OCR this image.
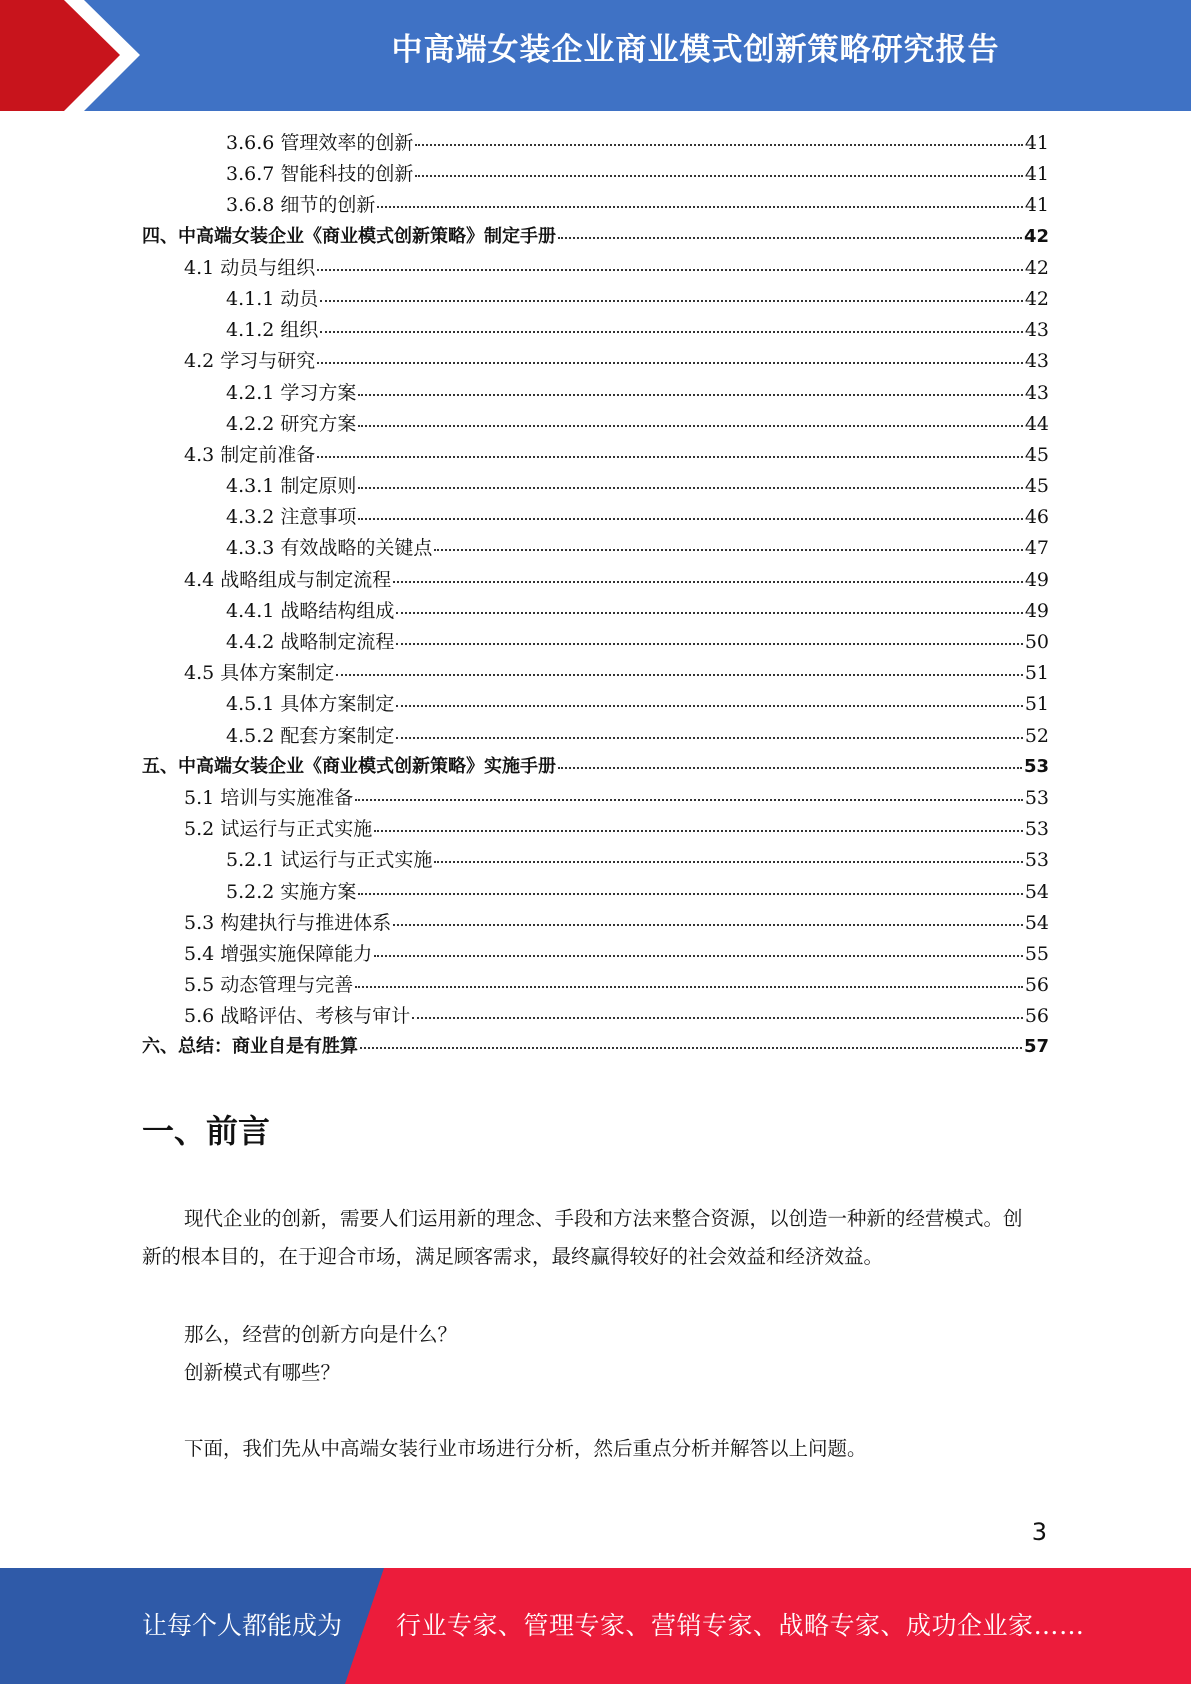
中高端女装企业商业模式创新策略研究报告
3.6.6 管理效率的创新	41
3.6.7 智能科技的创新	41
3.6.8 细节的创新	41
四、中高端女装企业《商业模式创新策略》制定手册	42
4.1 动员与组织	42
4.1.1 动员	42
4.1.2 组织	43
4.2 学习与研究	43
4.2.1 学习方案	43
4.2.2 研究方案	44
4.3 制定前准备	45
4.3.1 制定原则	45
4.3.2 注意事项	46
4.3.3 有效战略的关键点	47
4.4 战略组成与制定流程	49
4.4.1 战略结构组成	49
4.4.2 战略制定流程	50
4.5 具体方案制定	51
4.5.1 具体方案制定	51
4.5.2 配套方案制定	52
五、中高端女装企业《商业模式创新策略》实施手册	53
5.1 培训与实施准备	53
5.2 试运行与正式实施	53
5.2.1 试运行与正式实施	53
5.2.2 实施方案	54
5.3 构建执行与推进体系	54
5.4 增强实施保障能力	55
5.5 动态管理与完善	56
5.6 战略评估、考核与审计	56
六、总结：商业自是有胜算	57
一、前言
现代企业的创新，需要人们运用新的理念、手段和方法来整合资源，以创造一种新的经营模式。创新的根本目的，在于迎合市场，满足顾客需求，最终赢得较好的社会效益和经济效益。
那么，经营的创新方向是什么？
创新模式有哪些？
下面，我们先从中高端女装行业市场进行分析，然后重点分析并解答以上问题。
3
让每个人都能成为 行业专家、管理专家、营销专家、战略专家、成功企业家……
